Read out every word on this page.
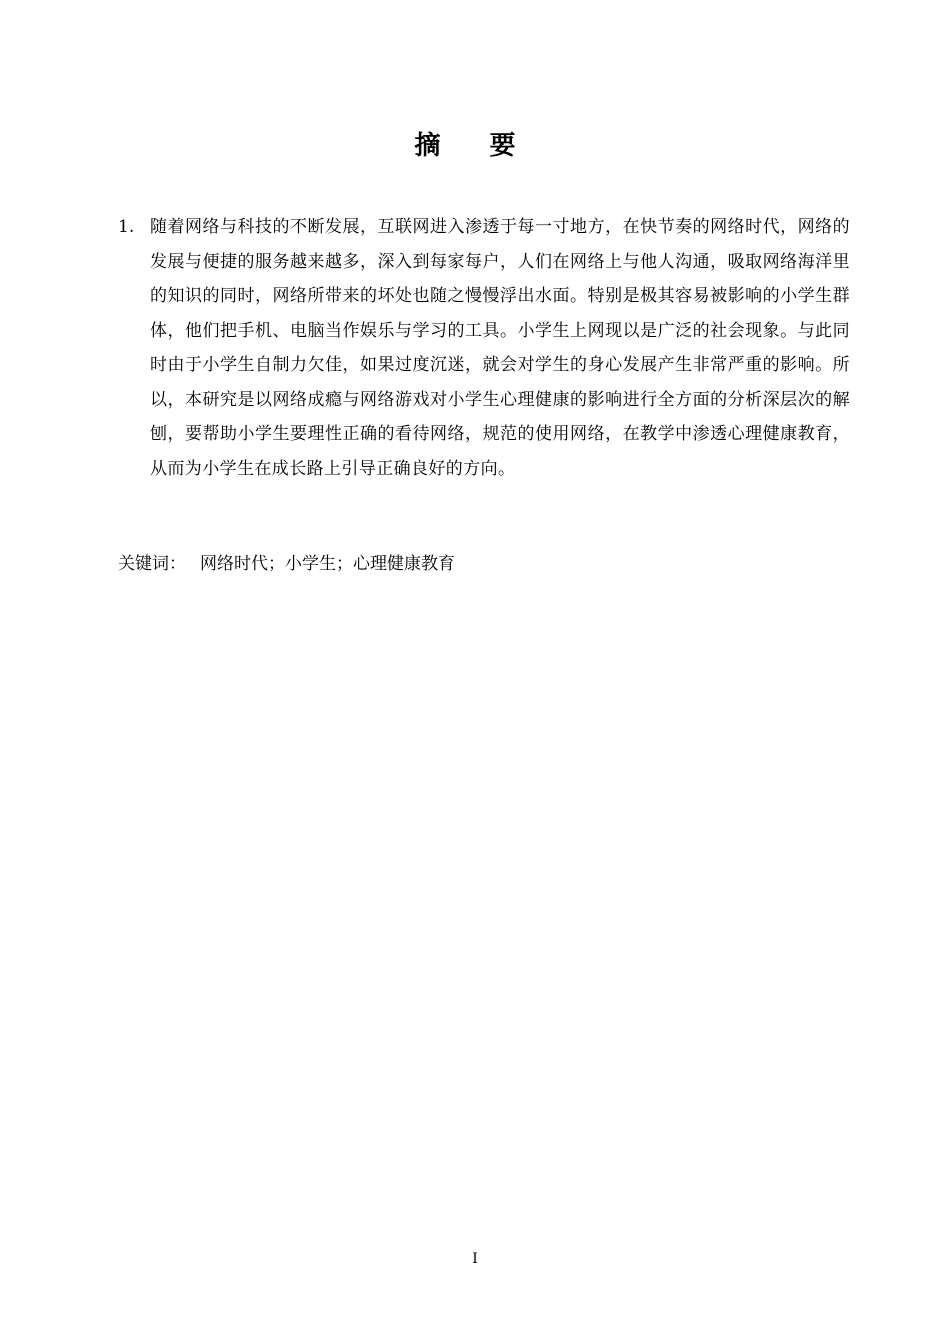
摘 要
1. 随着网络与科技的不断发展，互联网进入渗透于每一寸地方，在快节奏的网络时代，网络的发展与便捷的服务越来越多，深入到每家每户，人们在网络上与他人沟通，吸取网络海洋里的知识的同时，网络所带来的坏处也随之慢慢浮出水面。特别是极其容易被影响的小学生群体，他们把手机、电脑当作娱乐与学习的工具。小学生上网现以是广泛的社会现象。与此同时由于小学生自制力欠佳，如果过度沉迷，就会对学生的身心发展产生非常严重的影响。所以，本研究是以网络成瘾与网络游戏对小学生心理健康的影响进行全方面的分析深层次的解刨，要帮助小学生要理性正确的看待网络，规范的使用网络，在教学中渗透心理健康教育，从而为小学生在成长路上引导正确良好的方向。
关键词： 网络时代；小学生；心理健康教育
I
